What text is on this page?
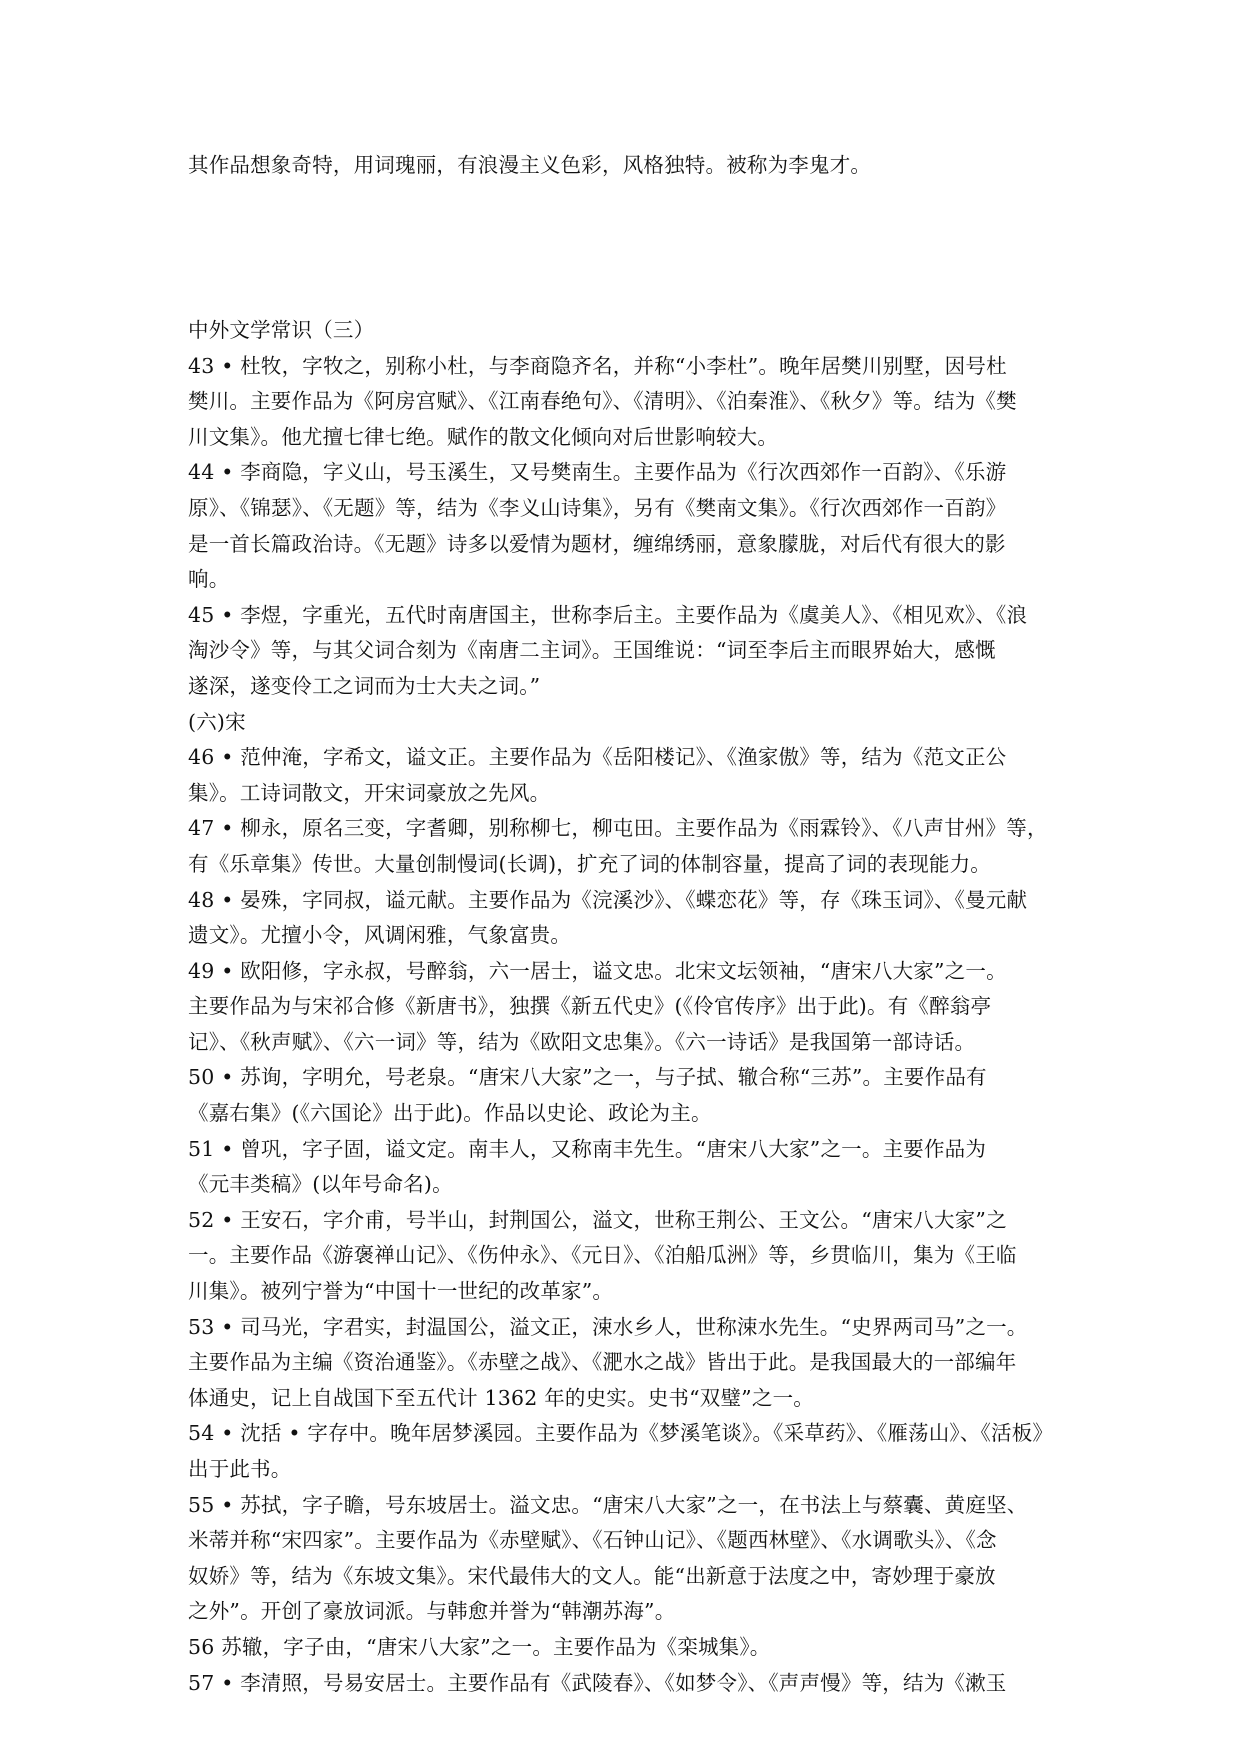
其作品想象奇特，用词瑰丽，有浪漫主义色彩，风格独特。被称为李鬼才。
中外文学常识（三）
43 • 杜牧，字牧之，别称小杜，与李商隐齐名，并称“小李杜”。晚年居樊川别墅，因号杜
樊川。主要作品为《阿房宫赋》、《江南春绝句》、《清明》、《泊秦淮》、《秋夕》等。结为《樊
川文集》。他尤擅七律七绝。赋作的散文化倾向对后世影响较大。
44 • 李商隐，字义山，号玉溪生，又号樊南生。主要作品为《行次西郊作一百韵》、《乐游
原》、《锦瑟》、《无题》等，结为《李义山诗集》，另有《樊南文集》。《行次西郊作一百韵》
是一首长篇政治诗。《无题》诗多以爱情为题材，缠绵绣丽，意象朦胧，对后代有很大的影
响。
45 • 李煜，字重光，五代时南唐国主，世称李后主。主要作品为《虞美人》、《相见欢》、《浪
淘沙令》等，与其父词合刻为《南唐二主词》。王国维说：“词至李后主而眼界始大，感慨
遂深，遂变伶工之词而为士大夫之词。”
(六)宋
46 • 范仲淹，字希文，谥文正。主要作品为《岳阳楼记》、《渔家傲》等，结为《范文正公
集》。工诗词散文，开宋词豪放之先风。
47 • 柳永，原名三变，字耆卿，别称柳七，柳屯田。主要作品为《雨霖铃》、《八声甘州》等，
有《乐章集》传世。大量创制慢词(长调)，扩充了词的体制容量，提高了词的表现能力。
48 • 晏殊，字同叔，谥元献。主要作品为《浣溪沙》、《蝶恋花》等，存《珠玉词》、《曼元献
遗文》。尤擅小令，风调闲雅，气象富贵。
49 • 欧阳修，字永叔，号醉翁，六一居士，谥文忠。北宋文坛领袖，“唐宋八大家”之一。
主要作品为与宋祁合修《新唐书》，独撰《新五代史》(《伶官传序》出于此)。有《醉翁亭
记》、《秋声赋》、《六一词》等，结为《欧阳文忠集》。《六一诗话》是我国第一部诗话。
50 • 苏询，字明允，号老泉。“唐宋八大家”之一，与子拭、辙合称“三苏”。主要作品有
《嘉右集》(《六国论》出于此)。作品以史论、政论为主。
51 • 曾巩，字子固，谥文定。南丰人，又称南丰先生。“唐宋八大家”之一。主要作品为
《元丰类稿》(以年号命名)。
52 • 王安石，字介甫，号半山，封荆国公，溢文，世称王荆公、王文公。“唐宋八大家”之
一。主要作品《游褒禅山记》、《伤仲永》、《元日》、《泊船瓜洲》等，乡贯临川，集为《王临
川集》。被列宁誉为“中国十一世纪的改革家”。
53 • 司马光，字君实，封温国公，溢文正，涑水乡人，世称涑水先生。“史界两司马”之一。
主要作品为主编《资治通鉴》。《赤壁之战》、《淝水之战》皆出于此。是我国最大的一部编年
体通史，记上自战国下至五代计 1362 年的史实。史书“双璧”之一。
54 • 沈括 • 字存中。晚年居梦溪园。主要作品为《梦溪笔谈》。《采草药》、《雁荡山》、《活板》
出于此书。
55 • 苏拭，字子瞻，号东坡居士。溢文忠。“唐宋八大家”之一，在书法上与蔡囊、黄庭坚、
米蒂并称“宋四家”。主要作品为《赤壁赋》、《石钟山记》、《题西林壁》、《水调歌头》、《念
奴娇》等，结为《东坡文集》。宋代最伟大的文人。能“出新意于法度之中，寄妙理于豪放
之外”。开创了豪放词派。与韩愈并誉为“韩潮苏海”。
56 苏辙，字子由，“唐宋八大家”之一。主要作品为《栾城集》。
57 • 李清照，号易安居士。主要作品有《武陵春》、《如梦令》、《声声慢》等，结为《漱玉
